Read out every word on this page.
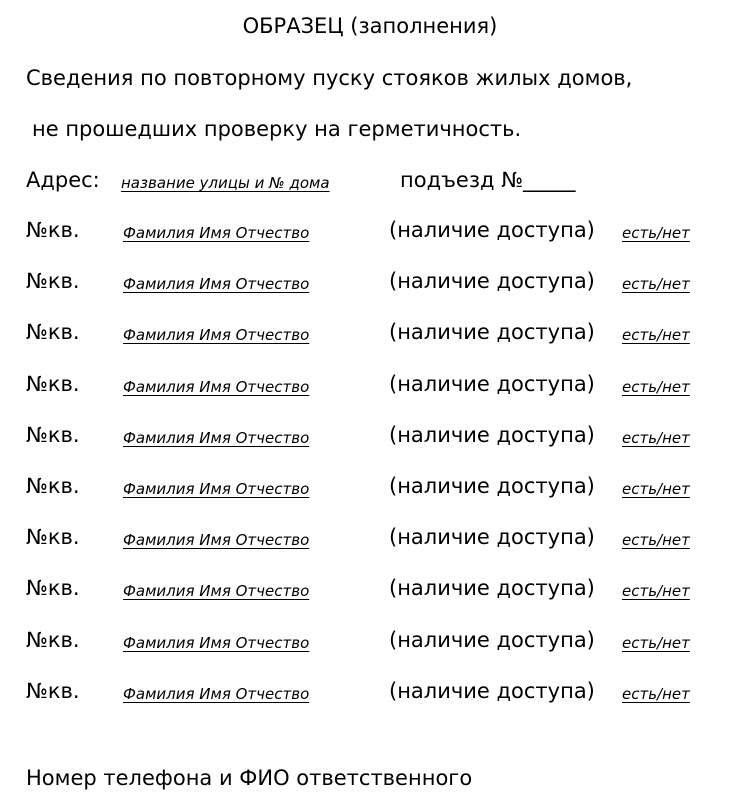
ОБРАЗЕЦ (заполнения)
Сведения по повторному пуску стояков жилых домов,
не прошедших проверку на герметичность.
Адрес: название улицы и № дома	подъезд №_____
№кв.	Фамилия Имя Отчество	(наличие доступа) есть/нет
№кв.	Фамилия Имя Отчество	(наличие доступа) есть/нет
№кв.	Фамилия Имя Отчество	(наличие доступа) есть/нет
№кв.	Фамилия Имя Отчество	(наличие доступа) есть/нет
№кв.	Фамилия Имя Отчество	(наличие доступа) есть/нет
№кв.	Фамилия Имя Отчество	(наличие доступа) есть/нет
№кв.	Фамилия Имя Отчество	(наличие доступа) есть/нет
№кв.	Фамилия Имя Отчество	(наличие доступа) есть/нет
№кв.	Фамилия Имя Отчество	(наличие доступа) есть/нет
№кв.	Фамилия Имя Отчество	(наличие доступа) есть/нет
Номер телефона и ФИО ответственного
